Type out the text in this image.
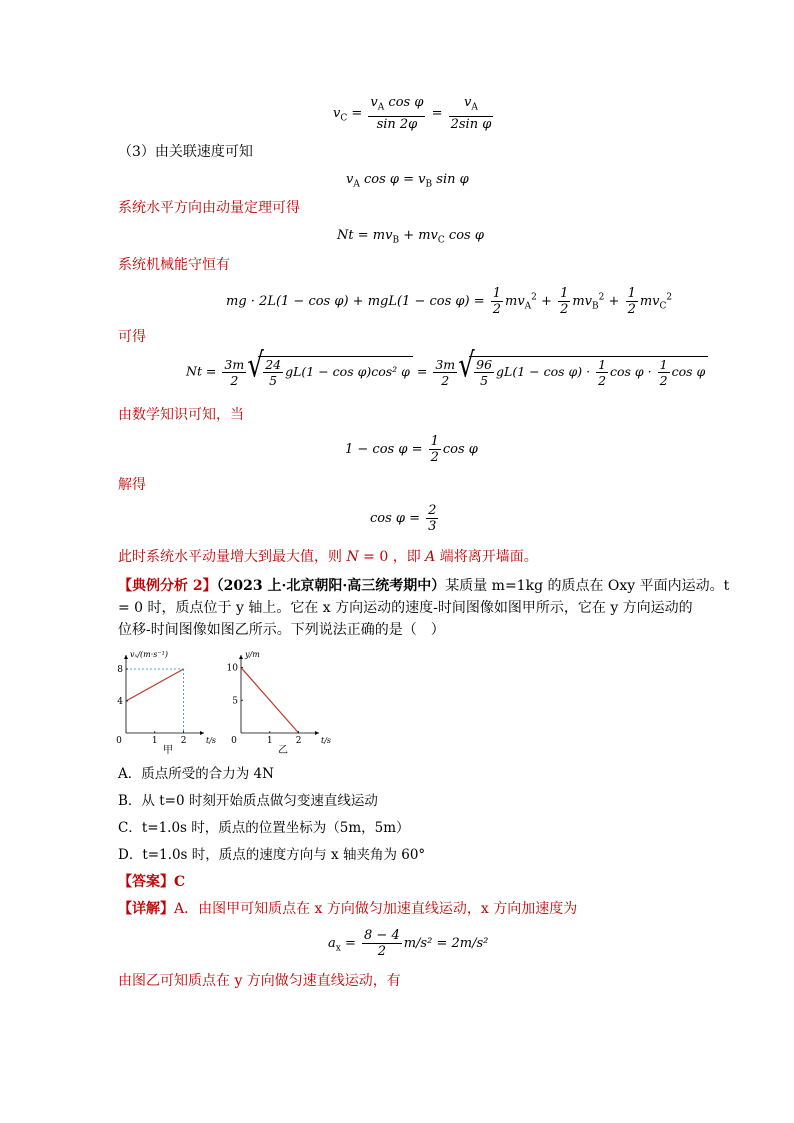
$v_C = \frac{v_A \cos \varphi}{\sin 2\varphi} = \frac{v_A}{\text{2sin φ}}$
（3）由关联速度可知
$v_A$ $\cos \varphi = v_B$ sin φ
系统水平方向由动量定理可得
$Nt = mv_B + mv_C$ cos φ
系统机械能守恒有
mg · $2L(1 - \cos \varphi) + mgL(1 - \cos \varphi) = \frac{1}{2} mv_A^2 + \frac{1}{2} mv_B^2 + \frac{1}{2} mv_C^2$
可得
$Nt = \frac{3m}{2}$ √ $\frac{24}{5} gL(1 - \cos \varphi)\cos^2$ $\varphi = \frac{3m}{2}$ √ $\frac{96}{5} gL(1 - \cos \varphi) \cdot \frac{1}{2}$ $\cos \varphi \cdot \frac{1}{2}$ cos φ
由数学知识可知，当
$1 - \cos \varphi = \frac{1}{2}$ cos φ
解得
$\cos \varphi = \frac{2}{3}$
此时系统水平动量增大到最大值，则 N = 0 ，即 A 端将离开墙面。
【典例分析 2】（2023 上·北京朝阳·高三统考期中）某质量 m=1kg 的质点在 Oxy 平面内运动。t
= 0 时，质点位于 y 轴上。它在 x 方向运动的速度-时间图像如图甲所示，它在 y 方向运动的
位移-时间图像如图乙所示。下列说法正确的是（　）
0	1	2
4
8
vₓ/(m·s⁻¹)
t/s
甲
0	1	2
5
10
y/m
t/s
乙
A．质点所受的合力为 4N
B．从 t=0 时刻开始质点做匀变速直线运动
C．t=1.0s 时，质点的位置坐标为（5m，5m）
D．t=1.0s 时，质点的速度方向与 x 轴夹角为 60°
【答案】C
【详解】A．由图甲可知质点在 x 方向做匀加速直线运动，x 方向加速度为
$a_x = \frac{8 - 4}{2} m/s^2 = 2m/s^2$
由图乙可知质点在 y 方向做匀速直线运动，有
